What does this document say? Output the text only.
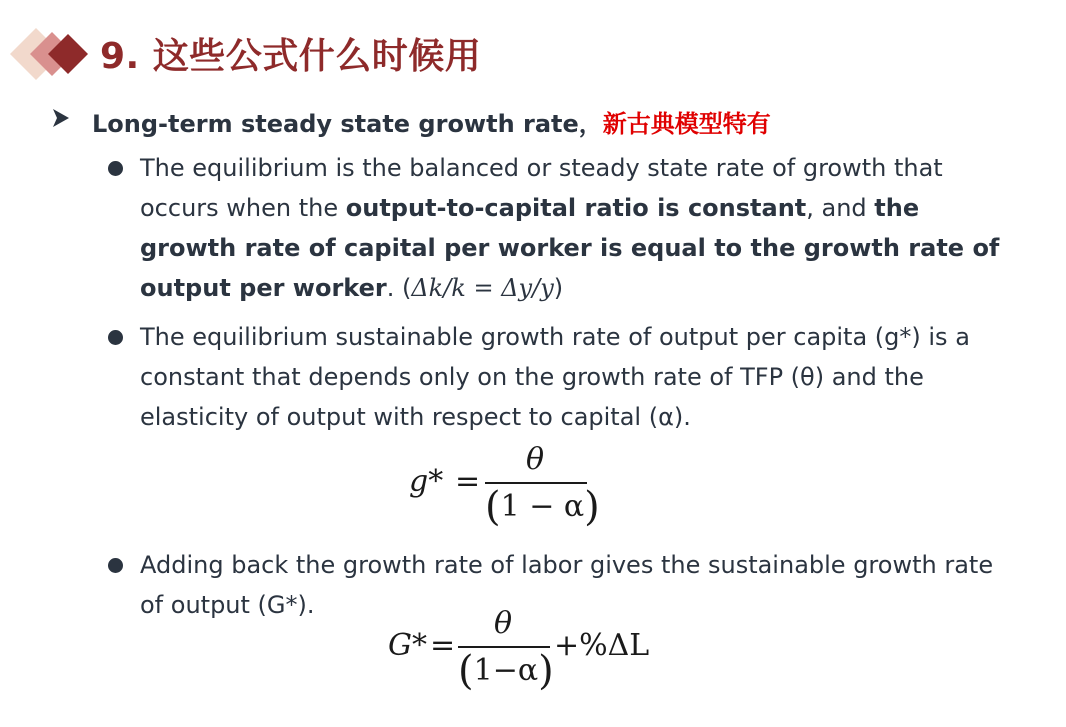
9. 这些公式什么时候用
Long-term steady state growth rate，新古典模型特有
The equilibrium is the balanced or steady state rate of growth that occurs when the output-to-capital ratio is constant, and the growth rate of capital per worker is equal to the growth rate of output per worker. (Δk/k = Δy/y)
The equilibrium sustainable growth rate of output per capita (g*) is a constant that depends only on the growth rate of TFP (θ) and the elasticity of output with respect to capital (α).
g* =
θ
(1 − α)
Adding back the growth rate of labor gives the sustainable growth rate of output (G*).
G* =
θ
(1−α)
+%ΔL
